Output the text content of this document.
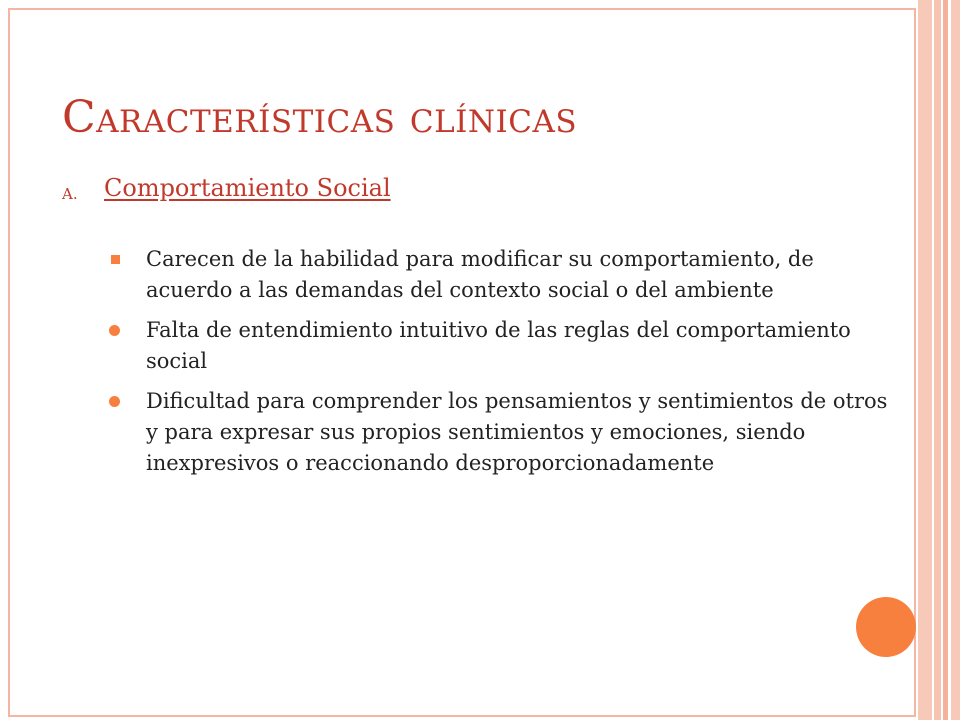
Características clínicas
A. Comportamiento Social
Carecen de la habilidad para modificar su comportamiento, de acuerdo a las demandas del contexto social o del ambiente
Falta de entendimiento intuitivo de las reglas del comportamiento social
Dificultad para comprender los pensamientos y sentimientos de otros y para expresar sus propios sentimientos y emociones, siendo inexpresivos o reaccionando desproporcionadamente
